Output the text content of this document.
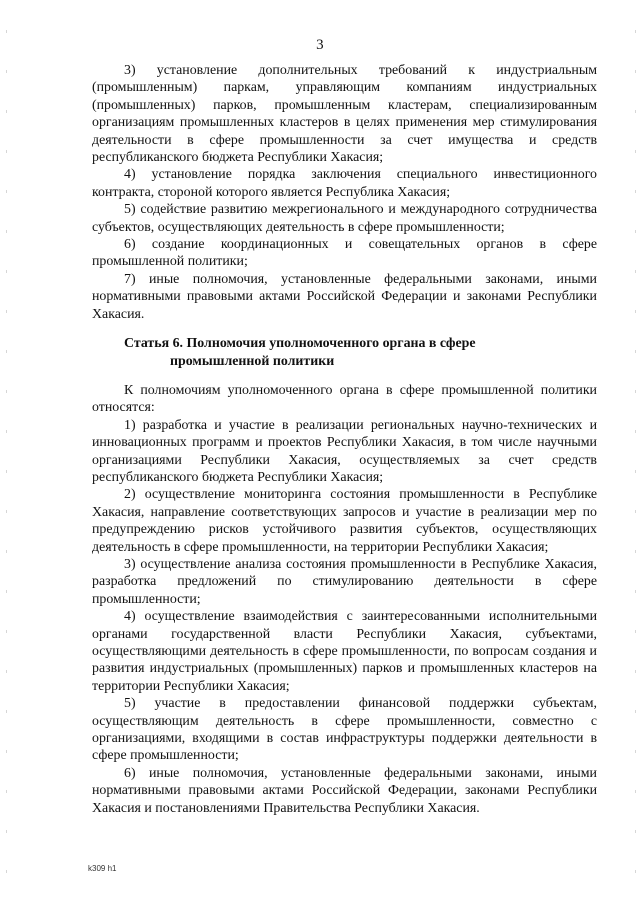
3

3) установление дополнительных требований к индустриальным (промышленным) паркам, управляющим компаниям индустриальных (промышленных) парков, промышленным кластерам, специализированным организациям промышленных кластеров в целях применения мер стимулирования деятельности в сфере промышленности за счет имущества и средств республиканского бюджета Республики Хакасия;

4) установление порядка заключения специального инвестиционного контракта, стороной которого является Республика Хакасия;

5) содействие развитию межрегионального и международного сотрудничества субъектов, осуществляющих деятельность в сфере промышленности;

6) создание координационных и совещательных органов в сфере промышленной политики;

7) иные полномочия, установленные федеральными законами, иными нормативными правовыми актами Российской Федерации и законами Республики Хакасия.

Статья 6. Полномочия уполномоченного органа в сфере
промышленной политики

К полномочиям уполномоченного органа в сфере промышленной политики относятся:

1) разработка и участие в реализации региональных научно-технических и инновационных программ и проектов Республики Хакасия, в том числе научными организациями Республики Хакасия, осуществляемых за счет средств республиканского бюджета Республики Хакасия;

2) осуществление мониторинга состояния промышленности в Республике Хакасия, направление соответствующих запросов и участие в реализации мер по предупреждению рисков устойчивого развития субъектов, осуществляющих деятельность в сфере промышленности, на территории Республики Хакасия;

3) осуществление анализа состояния промышленности в Республике Хакасия, разработка предложений по стимулированию деятельности в сфере промышленности;

4) осуществление взаимодействия с заинтересованными исполнительными органами государственной власти Республики Хакасия, субъектами, осуществляющими деятельность в сфере промышленности, по вопросам создания и развития индустриальных (промышленных) парков и промышленных кластеров на территории Республики Хакасия;

5) участие в предоставлении финансовой поддержки субъектам, осуществляющим деятельность в сфере промышленности, совместно с организациями, входящими в состав инфраструктуры поддержки деятельности в сфере промышленности;

6) иные полномочия, установленные федеральными законами, иными нормативными правовыми актами Российской Федерации, законами Республики Хакасия и постановлениями Правительства Республики Хакасия.

k309 h1
